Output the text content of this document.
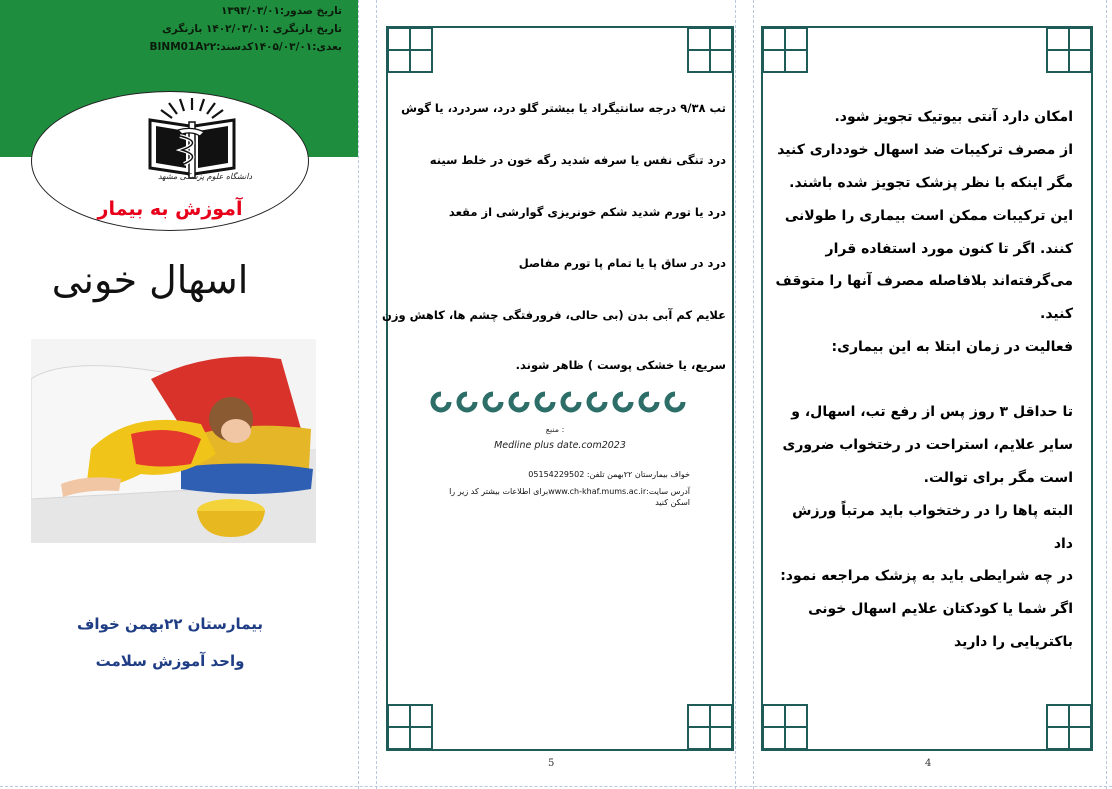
تاریخ صدور:۱۳۹۳/۰۳/۰۱
تاریخ بازنگری :۱۴۰۲/۰۳/۰۱ بازنگری
بعدی:۱۴۰۵/۰۳/۰۱کدسند:BINM01A۲۲
دانشگاه علوم پزشکی مشهد
آموزش به بیمار
اسهال خونی
بیمارستان ۲۲بهمن خواف
واحد آموزش سلامت
تب ۹/۳۸ درجه سانتیگراد یا بیشتر گلو درد، سردرد، یا گوش
درد تنگی نفس یا سرفه شدید رگه خون در خلط سینه
درد یا تورم شدید شکم خونریزی گوارشی از مقعد
درد در ساق پا یا تمام پا تورم مفاصل
علایم کم آبی بدن (بی حالی، فرورفتگی چشم ها، کاهش وزن
سریع، یا خشکی پوست ) ظاهر شوند.
منبع :
Medline plus date.com2023
خواف بیمارستان ۲۲بهمن تلفن: 05154229502
آدرس سایت:www.ch-khaf.mums.ac.irبرای اطلاعات بیشتر کد زیر را
اسکن کنید
5
امکان دارد آنتی بیوتیک تجویز شود.
از مصرف ترکیبات ضد اسهال خودداری کنید
مگر اینکه با نظر پزشک تجویز شده باشند.
این ترکیبات ممکن است بیماری را طولانی
کنند. اگر تا کنون مورد استفاده قرار
می‌گرفته‌اند بلافاصله مصرف آنها را متوقف
کنید.
فعالیت در زمان ابتلا به این بیماری:
تا حداقل ۳ روز پس از رفع تب، اسهال، و
سایر علایم، استراحت در رختخواب ضروری
است مگر برای توالت.
البته پاها را در رختخواب باید مرتباً ورزش
داد
در چه شرایطی باید به پزشک مراجعه نمود:
اگر شما یا کودکتان علایم اسهال خونی
باکتریایی را دارید
4
